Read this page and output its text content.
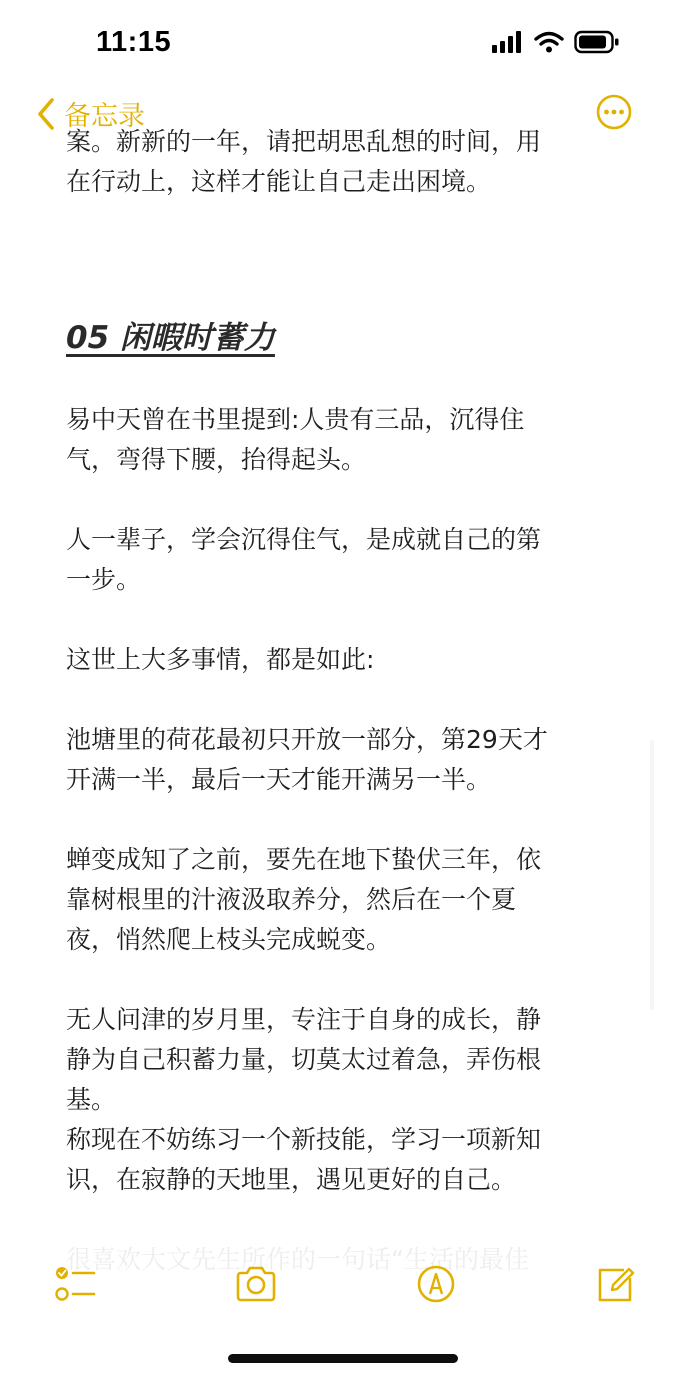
11:15
备忘录
案。新新的一年，请把胡思乱想的时间，用
在行动上，这样才能让自己走出困境。
05 闲暇时蓄力
易中天曾在书里提到:人贵有三品，沉得住
气，弯得下腰，抬得起头。
人一辈子，学会沉得住气，是成就自己的第
一步。
这世上大多事情，都是如此:
池塘里的荷花最初只开放一部分，第29天才
开满一半，最后一天才能开满另一半。
蝉变成知了之前，要先在地下蛰伏三年，依
靠树根里的汁液汲取养分，然后在一个夏
夜，悄然爬上枝头完成蜕变。
无人问津的岁月里，专注于自身的成长，静
静为自己积蓄力量，切莫太过着急，弄伤根
基。
称现在不妨练习一个新技能，学习一项新知
识，在寂静的天地里，遇见更好的自己。
